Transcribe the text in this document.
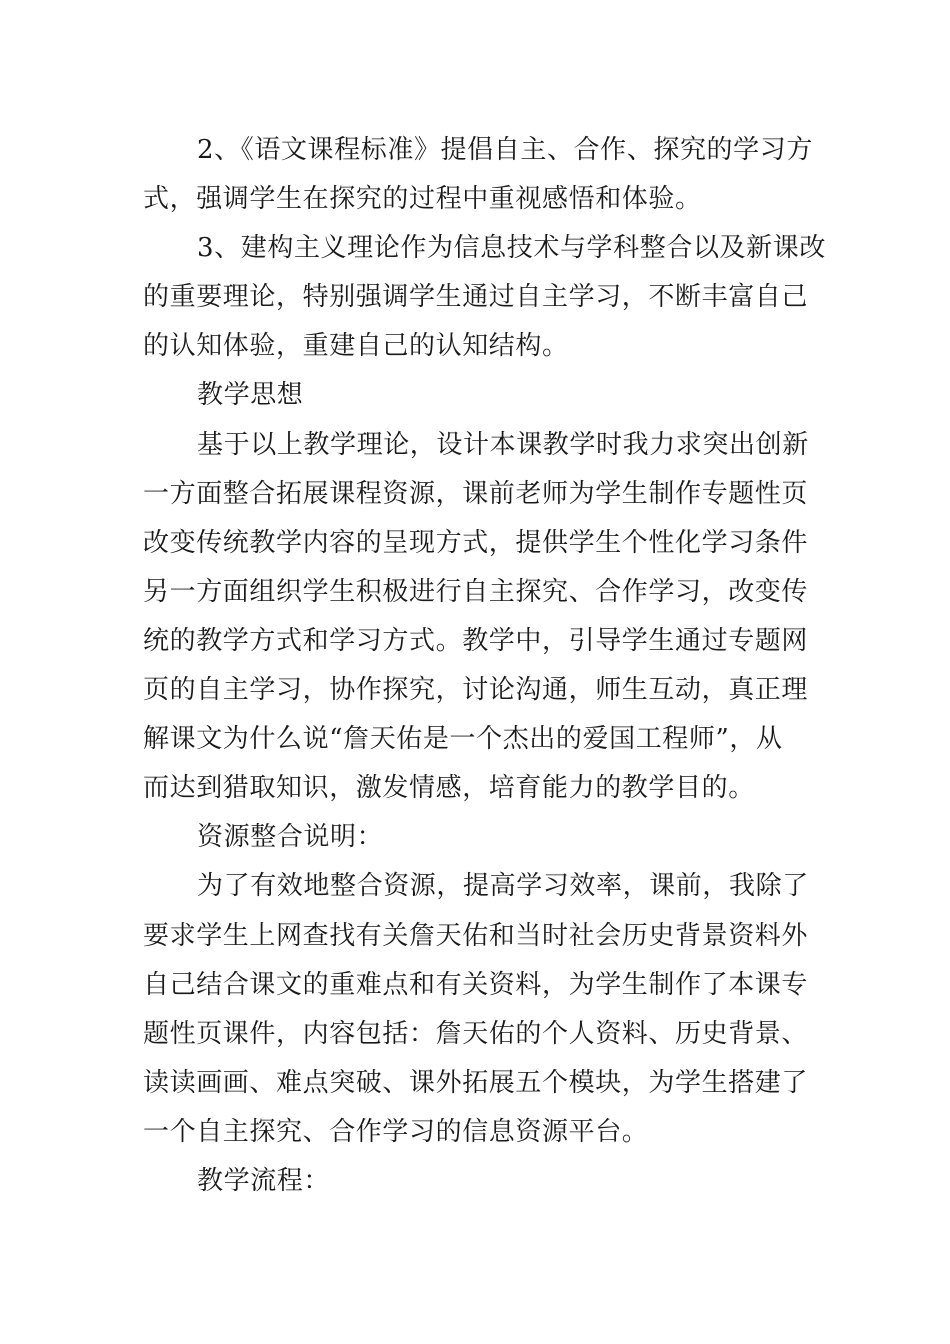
2、《语文课程标准》提倡自主、合作、探究的学习方
式，强调学生在探究的过程中重视感悟和体验。
3、建构主义理论作为信息技术与学科整合以及新课改
的重要理论，特别强调学生通过自主学习，不断丰富自己
的认知体验，重建自己的认知结构。
教学思想
基于以上教学理论，设计本课教学时我力求突出创新
一方面整合拓展课程资源，课前老师为学生制作专题性页
改变传统教学内容的呈现方式，提供学生个性化学习条件
另一方面组织学生积极进行自主探究、合作学习，改变传
统的教学方式和学习方式。教学中，引导学生通过专题网
页的自主学习，协作探究，讨论沟通，师生互动，真正理
解课文为什么说“詹天佑是一个杰出的爱国工程师”，从
而达到猎取知识，激发情感，培育能力的教学目的。
资源整合说明：
为了有效地整合资源，提高学习效率，课前，我除了
要求学生上网查找有关詹天佑和当时社会历史背景资料外
自己结合课文的重难点和有关资料，为学生制作了本课专
题性页课件，内容包括：詹天佑的个人资料、历史背景、
读读画画、难点突破、课外拓展五个模块，为学生搭建了
一个自主探究、合作学习的信息资源平台。
教学流程：
